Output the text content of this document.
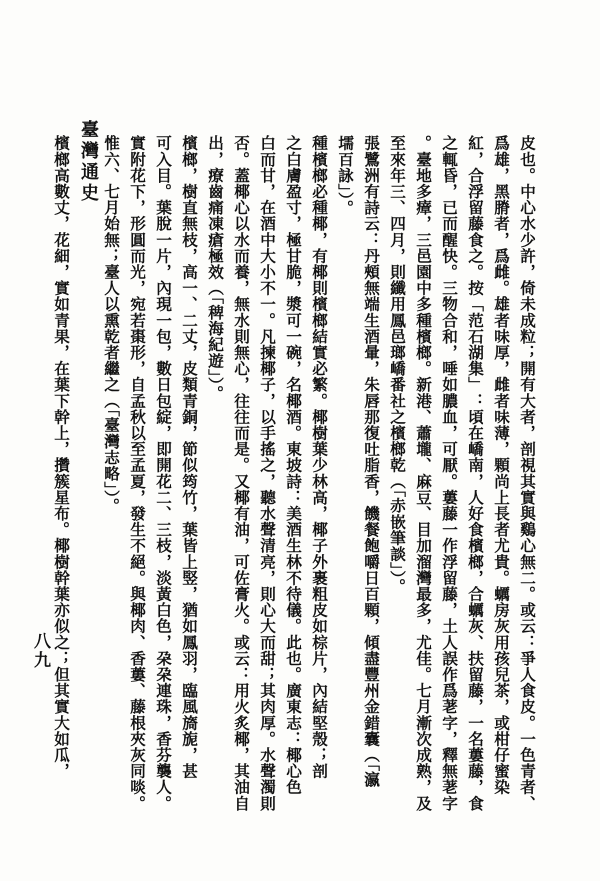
八九	皮也。中心水少許，倚未成粒；開有大者，剖視其實與鷄心無二。或云：爭人食皮。一色青者、
爲雄，黑膌者，爲雌。雄者味厚，雌者味薄，顆尚上長者尤貴。蠣房灰用孩兒茶，或柑仔蜜染
紅，合浮留藤食之。按「范石湖集」：頃在嶠南，人好食檳榔，合蠣灰、扶留藤，一名蔞藤，食
之輒昏，已而醒快。三物合和，唾如膿血，可厭。蔞藤一作浮留藤，土人誤作爲荖字，釋無荖字
。臺地多瘴，三邑園中多種檳榔。新港、蕭壠、麻豆、目加溜灣最多，尤佳。七月漸次成熟，及
至來年三、四月，則纖用鳳邑瑯嶠番社之檳榔乾（「赤嵌筆談」）。
張鷺洲有詩云：丹頰無端生酒暈，朱唇那復吐脂香，饑餐飽嚼日百顆，傾盡豐州金錯囊（「瀛
壖百詠」）。
種檳榔必種椰，有椰則檳榔結實必繁。椰樹葉少林高，椰子外裹粗皮如棕片，內結堅殼；剖
之白膚盈寸，極甘脆，漿可一碗，名椰酒。東坡詩：美酒生林不待儀。此也。廣東志：椰心色
白而甘，在酒中大小不一。凡揀椰子，以手搖之，聽水聲清亮，則心大而甜；其肉厚。水聲濁則
否。蓋椰心以水而養，無水則無心，往往而是。又椰有油，可佐膏火。或云：用火炙椰，其油自
出，療齒痛凍瘡極效（「稗海紀遊」）。
檳榔，樹直無枝，高一、二丈，皮類青銅，節似筠竹，葉皆上竪，猶如鳳羽，臨風旖旎，甚
可入目。葉脫一片，內現一包，數日包綻，即開花二、三枝，淡黃白色，朶朶連珠，香芬襲人。
實附花下，形圓而光，宛若棗形，自孟秋以至孟夏，發生不絕。與椰肉、香蔞、藤根夾灰同啖。
惟六、七月始無；臺人以熏乾者繼之（「臺灣志略」）。
臺灣通史
檳榔高數丈，花細，實如青果，在葉下幹上，攢簇星布。椰樹幹葉亦似之；但其實大如瓜，
